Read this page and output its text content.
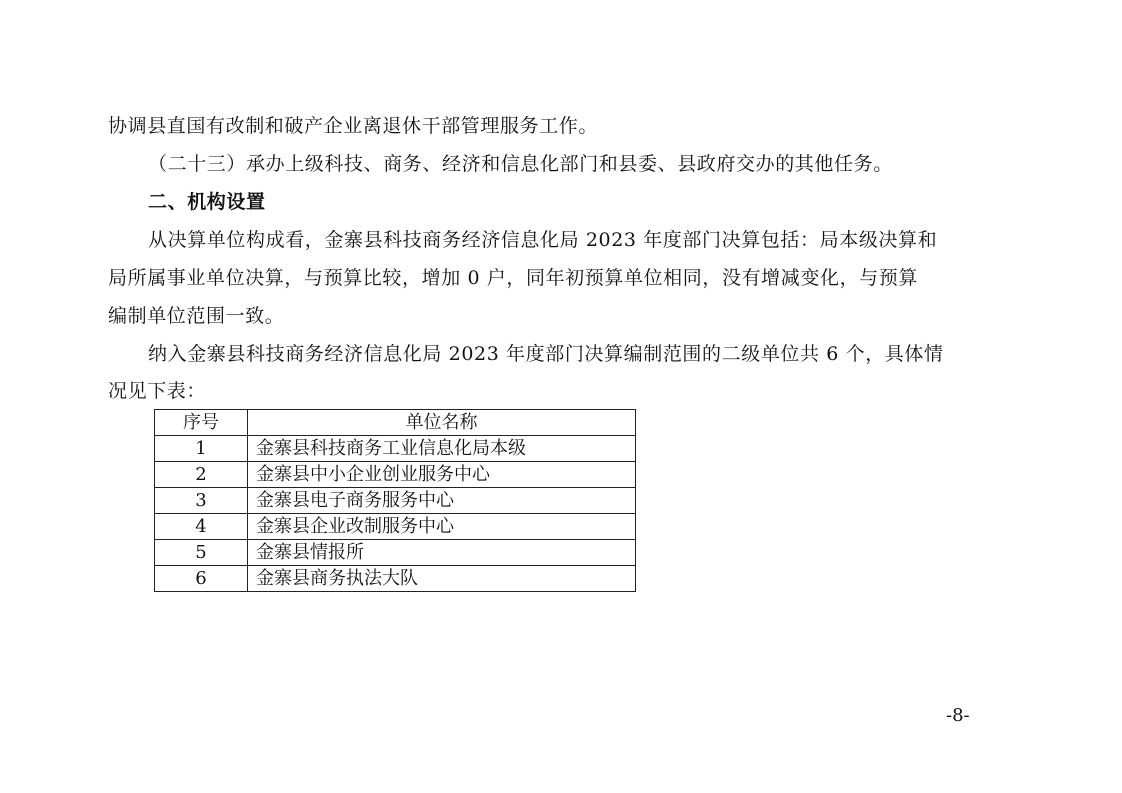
协调县直国有改制和破产企业离退休干部管理服务工作。
（二十三）承办上级科技、商务、经济和信息化部门和县委、县政府交办的其他任务。
二、机构设置
从决算单位构成看，金寨县科技商务经济信息化局 2023 年度部门决算包括：局本级决算和
局所属事业单位决算，与预算比较，增加 0 户，同年初预算单位相同，没有增减变化，与预算
编制单位范围一致。
纳入金寨县科技商务经济信息化局 2023 年度部门决算编制范围的二级单位共 6 个，具体情
况见下表：
序号	单位名称
1	金寨县科技商务工业信息化局本级
2	金寨县中小企业创业服务中心
3	金寨县电子商务服务中心
4	金寨县企业改制服务中心
5	金寨县情报所
6	金寨县商务执法大队
-8-
